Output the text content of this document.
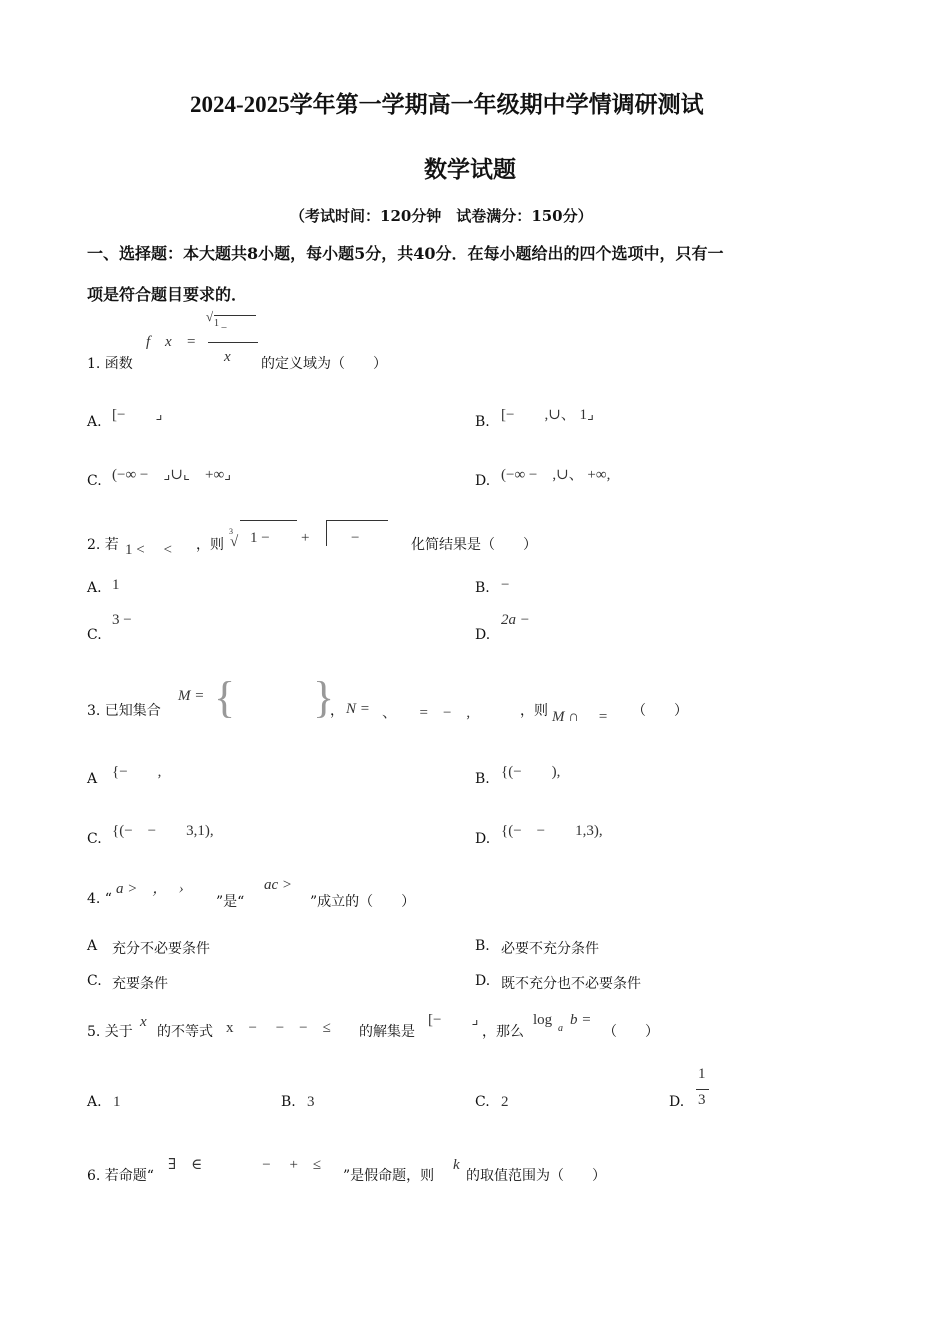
2024-2025学年第一学期高一年级期中学情调研测试
数学试题
（考试时间：120分钟　试卷满分：150分）
一、选择题：本大题共8小题，每小题5分，共40分．在每小题给出的四个选项中，只有一
项是符合题目要求的．
1. 函数
f x =
√ 1 _
x 的定义域为（　　）
A. [−　　⌟	B. [−　　,∪、 1⌟
C. (−∞ −　⌟∪⌞　+∞⌟	D. (−∞ −　,∪、 +∞,
2. 若 1 <　 < ，则
3
√ 1 − +	−	化简结果是（　　）
A. 1	B. −
C.
3 −
D.
2a −
3. 已知集合
M = { }
， N = 、　　=　−　,	，则 M ∩　 = （　　）
A {−　　,	B. {(−　　),
C. {(−　−　　3,1),	D. {(−　−　　1,3),
4. “
a >　，　 ›
”是“
ac >
”成立的（　　）
A 充分不必要条件	B. 必要不充分条件
C. 充要条件	D. 既不充分也不必要条件
5. 关于
x
的不等式 x　−　 −　−　≤ 的解集是
[−　　⌟
，那么
log
a
b =
（　　）
A. 1	B. 3	C. 2	D.
1
3
6. 若命题“
∃　∈　　　　−　 +　≤
”是假命题，则
k
的取值范围为（　　）
